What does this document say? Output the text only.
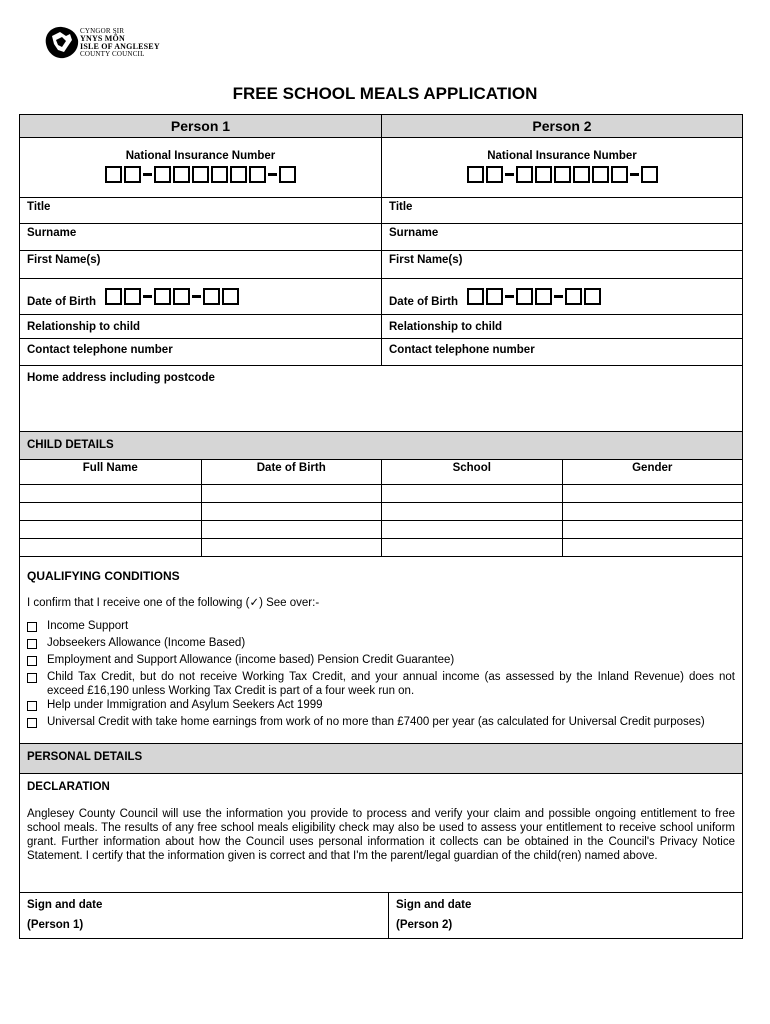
CYNGOR SIR
YNYS MÔN
ISLE OF ANGLESEY
COUNTY COUNCIL
FREE SCHOOL MEALS APPLICATION
Person 1	Person 2
National Insurance Number	National Insurance Number
Title	Title
Surname	Surname
First Name(s)	First Name(s)
Date of Birth	Date of Birth
Relationship to child	Relationship to child
Contact telephone number	Contact telephone number
Home address including postcode
CHILD DETAILS
Full Name	Date of Birth	School	Gender
QUALIFYING CONDITIONS
I confirm that I receive one of the following (✓) See over:-
Income Support
Jobseekers Allowance (Income Based)
Employment and Support Allowance (income based) Pension Credit Guarantee)
Child Tax Credit, but do not receive Working Tax Credit, and your annual income (as assessed by the Inland Revenue) does not exceed £16,190 unless Working Tax Credit is part of a four week run on.
Help under Immigration and Asylum Seekers Act 1999
Universal Credit with take home earnings from work of no more than £7400 per year (as calculated for Universal Credit purposes)
PERSONAL DETAILS
DECLARATION
Anglesey County Council will use the information you provide to process and verify your claim and possible ongoing entitlement to free school meals. The results of any free school meals eligibility check may also be used to assess your entitlement to receive school uniform grant. Further information about how the Council uses personal information it collects can be obtained in the Council's Privacy Notice Statement. I certify that the information given is correct and that I'm the parent/legal guardian of the child(ren) named above.
Sign and date
(Person 1)
Sign and date
(Person 2)
